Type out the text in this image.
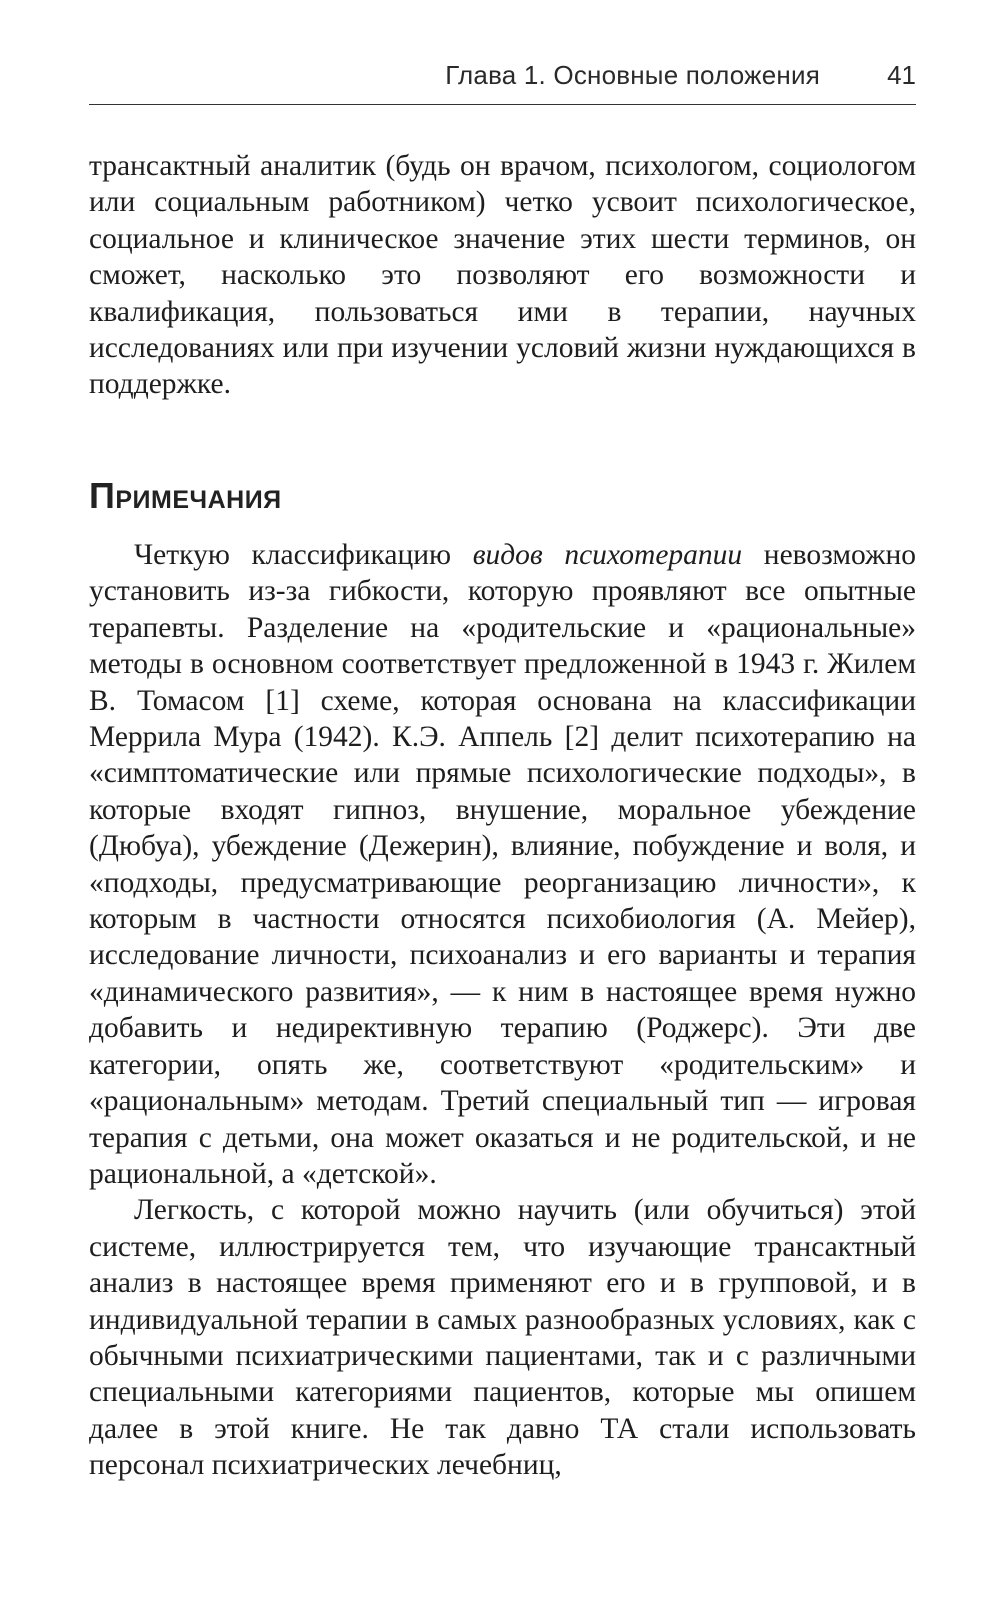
Глава 1. Основные положения	41

трансактный аналитик (будь он врачом, психологом, социологом или социальным работником) четко усвоит психологическое, социальное и клиническое значение этих шести терминов, он сможет, насколько это позволяют его возможности и квалификация, пользоваться ими в терапии, научных исследованиях или при изучении условий жизни нуждающихся в поддержке.

Примечания

Четкую классификацию видов психотерапии невозможно установить из-за гибкости, которую проявляют все опытные терапевты. Разделение на «родительские и «рациональные» методы в основном соответствует предложенной в 1943 г. Жилем В. Томасом [1] схеме, которая основана на классификации Меррила Мура (1942). К.Э. Аппель [2] делит психотерапию на «симптоматические или прямые психологические подходы», в которые входят гипноз, внушение, моральное убеждение (Дюбуа), убеждение (Дежерин), влияние, побуждение и воля, и «подходы, предусматривающие реорганизацию личности», к которым в частности относятся психобиология (А. Мейер), исследование личности, психоанализ и его варианты и терапия «динамического развития», — к ним в настоящее время нужно добавить и недирективную терапию (Роджерс). Эти две категории, опять же, соответствуют «родительским» и «рациональным» методам. Третий специальный тип — игровая терапия с детьми, она может оказаться и не родительской, и не рациональной, а «детской».

Легкость, с которой можно научить (или обучиться) этой системе, иллюстрируется тем, что изучающие трансактный анализ в настоящее время применяют его и в групповой, и в индивидуальной терапии в самых разнообразных условиях, как с обычными психиатрическими пациентами, так и с различными специальными категориями пациентов, которые мы опишем далее в этой книге. Не так давно ТА стали использовать персонал психиатрических лечебниц,
